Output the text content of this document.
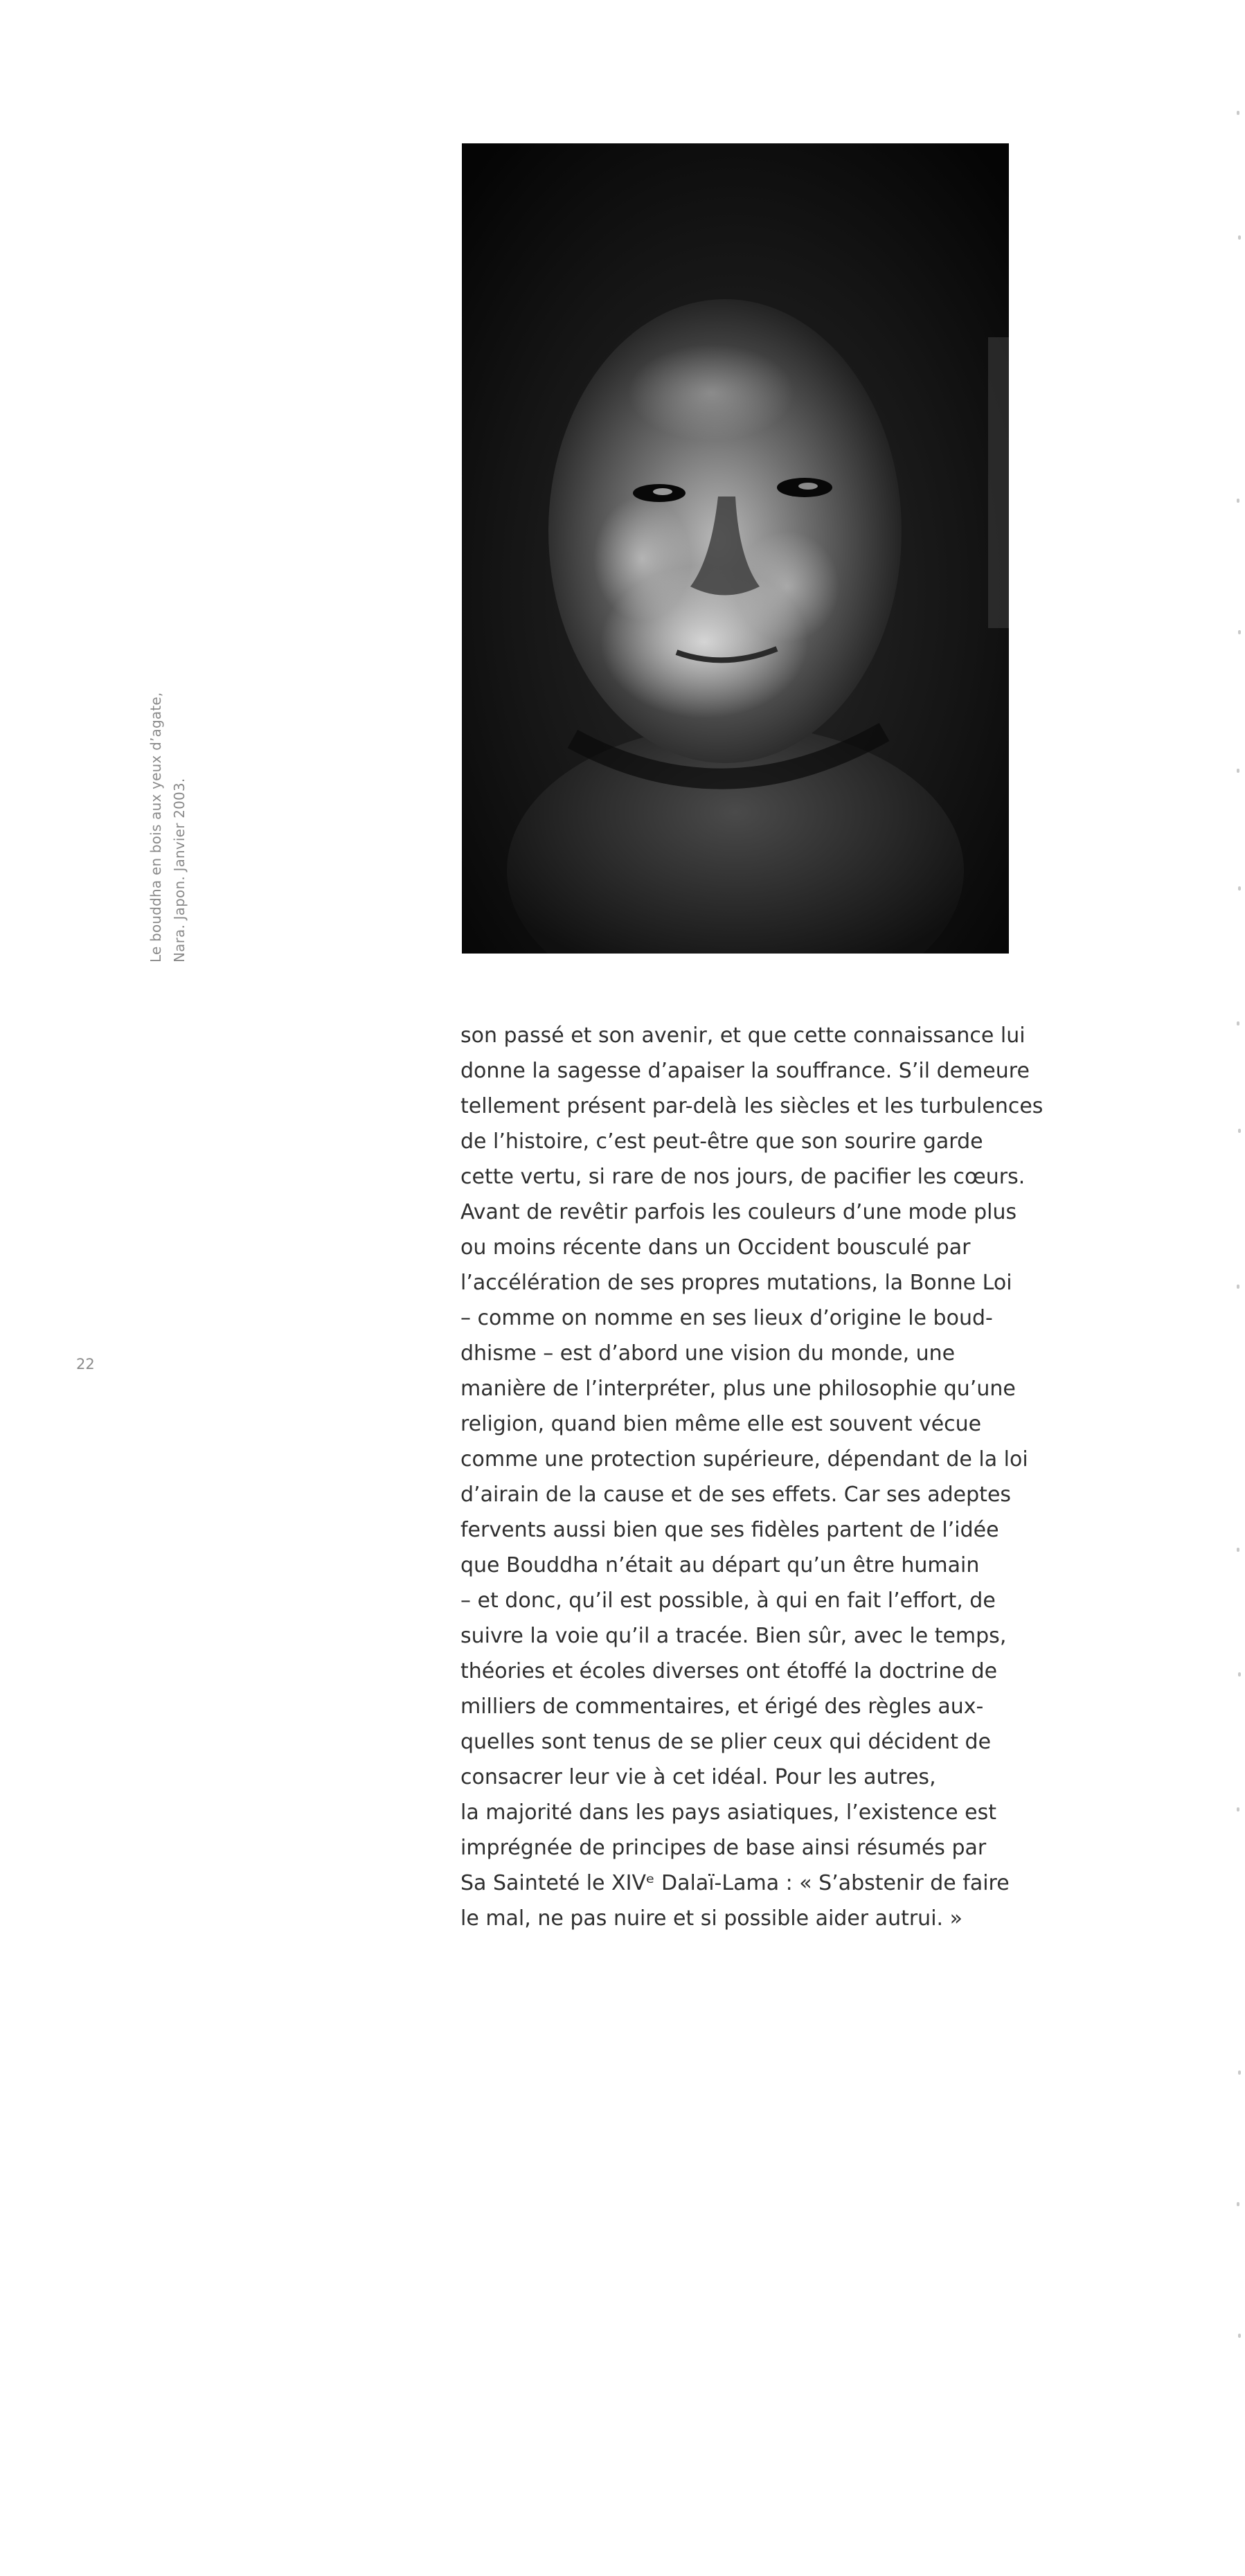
Le bouddha en bois aux yeux d’agate, Nara. Japon. Janvier 2003.
22
son passé et son avenir, et que cette connaissance lui
donne la sagesse d’apaiser la souffrance. S’il demeure
tellement présent par-delà les siècles et les turbulences
de l’histoire, c’est peut-être que son sourire garde
cette vertu, si rare de nos jours, de pacifier les cœurs.
Avant de revêtir parfois les couleurs d’une mode plus
ou moins récente dans un Occident bousculé par
l’accélération de ses propres mutations, la Bonne Loi
– comme on nomme en ses lieux d’origine le boud-
dhisme – est d’abord une vision du monde, une
manière de l’interpréter, plus une philosophie qu’une
religion, quand bien même elle est souvent vécue
comme une protection supérieure, dépendant de la loi
d’airain de la cause et de ses effets. Car ses adeptes
fervents aussi bien que ses fidèles partent de l’idée
que Bouddha n’était au départ qu’un être humain
– et donc, qu’il est possible, à qui en fait l’effort, de
suivre la voie qu’il a tracée. Bien sûr, avec le temps,
théories et écoles diverses ont étoffé la doctrine de
milliers de commentaires, et érigé des règles aux-
quelles sont tenus de se plier ceux qui décident de
consacrer leur vie à cet idéal. Pour les autres,
la majorité dans les pays asiatiques, l’existence est
imprégnée de principes de base ainsi résumés par
Sa Sainteté le XIVᵉ Dalaï-Lama : « S’abstenir de faire
le mal, ne pas nuire et si possible aider autrui. »
